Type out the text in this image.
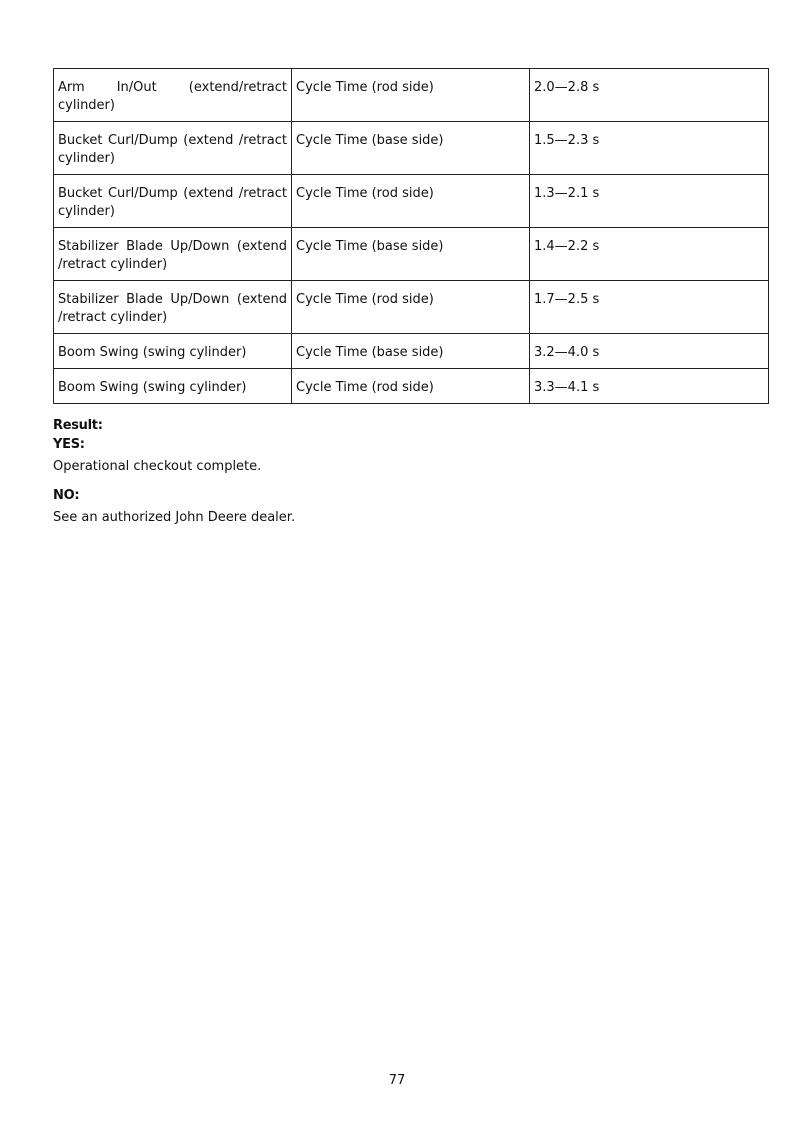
Arm In/Out (extend/retract cylinder)	Cycle Time (rod side)	2.0—2.8 s
Bucket Curl/Dump (extend /retract cylinder)	Cycle Time (base side)	1.5—2.3 s
Bucket Curl/Dump (extend /retract cylinder)	Cycle Time (rod side)	1.3—2.1 s
Stabilizer Blade Up/Down (extend /retract cylinder)	Cycle Time (base side)	1.4—2.2 s
Stabilizer Blade Up/Down (extend /retract cylinder)	Cycle Time (rod side)	1.7—2.5 s
Boom Swing (swing cylinder)	Cycle Time (base side)	3.2—4.0 s
Boom Swing (swing cylinder)	Cycle Time (rod side)	3.3—4.1 s
Result:
YES:
Operational checkout complete.
NO:
See an authorized John Deere dealer.
77
